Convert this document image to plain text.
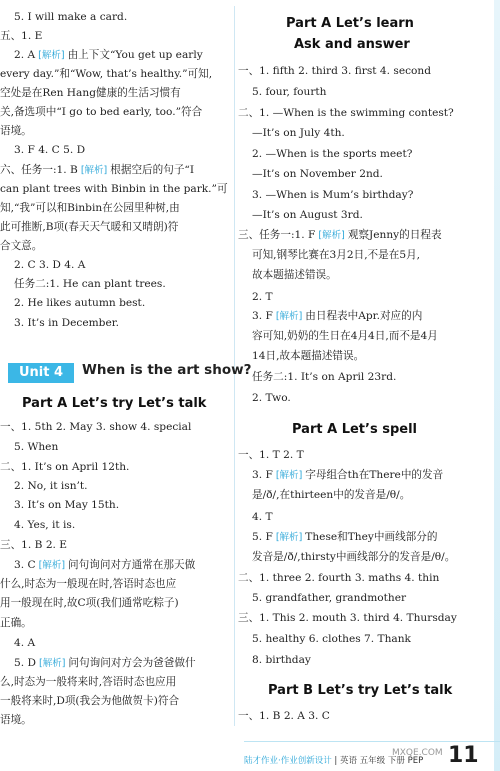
5. I will make a card.
五、1. E
2. A [ 解析 ] 由上下文“You get up early
every day.”和“Wow, that’s healthy.”可知,
空处是在Ren Hang健康的生活习惯有
关,备选项中“I go to bed early, too.”符合
语境。
3. F 4. C 5. D
六、任务一:1. B [ 解析 ] 根据空后的句子“I
can plant trees with Binbin in the park.”可
知,“我”可以和Binbin在公园里种树,由
此可推断,B项(春天天气暖和又晴朗)符
合文意。
2. C 3. D 4. A
任务二:1. He can plant trees.
2. He likes autumn best.
3. It’s in December.
Unit 4	When is the art show?
Part A Let’s try Let’s talk
一、1. 5th 2. May 3. show 4. special
5. When
二、1. It’s on April 12th.
2. No, it isn’t.
3. It’s on May 15th.
4. Yes, it is.
三、1. B 2. E
3. C [ 解析 ] 问句询问对方通常在那天做
什么,时态为一般现在时,答语时态也应
用一般现在时,故C项(我们通常吃粽子)
正确。
4. A
5. D [ 解析 ] 问句询问对方会为爸爸做什
么,时态为一般将来时,答语时态也应用
一般将来时,D项(我会为他做贺卡)符合
语境。
Part A Let’s learn
Ask and answer
一、1. fifth 2. third 3. first 4. second
5. four, fourth
二、1. —When is the swimming contest?
—It’s on July 4th.
2. —When is the sports meet?
—It’s on November 2nd.
3. —When is Mum’s birthday?
—It’s on August 3rd.
三、任务一:1. F [ 解析 ] 观察Jenny的日程表
可知,钢琴比赛在3月2日,不是在5月,
故本题描述错误。
2. T
3. F [ 解析 ] 由日程表中Apr.对应的内
容可知,奶奶的生日在4月4日,而不是4月
14日,故本题描述错误。
任务二:1. It’s on April 23rd.
2. Two.
Part A Let’s spell
一、1. T 2. T
3. F [ 解析 ] 字母组合th在There中的发音
是/ð/,在thirteen中的发音是/θ/。
4. T
5. F [ 解析 ] These和They中画线部分的
发音是/ð/,thirsty中画线部分的发音是/θ/。
二、1. three 2. fourth 3. maths 4. thin
5. grandfather, grandmother
三、1. This 2. mouth 3. third 4. Thursday
5. healthy 6. clothes 7. Thank
8. birthday
Part B Let’s try Let’s talk
一、1. B 2. A 3. C
陆才作业·作业创新设计 | 英语 五年级 下册 PEP 11
MXQE.COM
